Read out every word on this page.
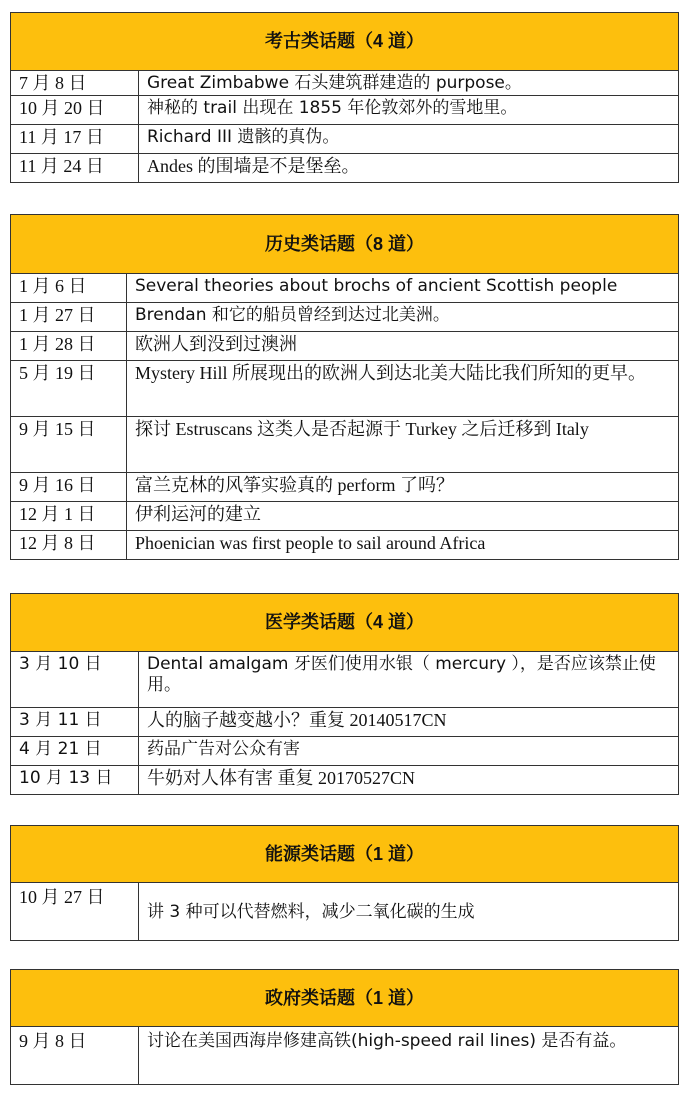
考古类话题（4 道）	
7 月 8 日	Great Zimbabwe 石头建筑群建造的 purpose。
10 月 20 日	神秘的 trail 出现在 1855 年伦敦郊外的雪地里。
11 月 17 日	Richard III 遗骸的真伪。
11 月 24 日	Andes 的围墙是不是堡垒。
历史类话题（8 道）	
1 月 6 日	Several theories about brochs of ancient Scottish people
1 月 27 日	Brendan 和它的船员曾经到达过北美洲。
1 月 28 日	欧洲人到没到过澳洲
5 月 19 日	Mystery Hill 所展现出的欧洲人到达北美大陆比我们所知的更早。
9 月 15 日	探讨 Estruscans 这类人是否起源于 Turkey 之后迁移到 Italy
9 月 16 日	富兰克林的风筝实验真的 perform 了吗？
12 月 1 日	伊利运河的建立
12 月 8 日	Phoenician was first people to sail around Africa
医学类话题（4 道）	
3 月 10 日	Dental amalgam 牙医们使用水银（ mercury ），是否应该禁止使用。
3 月 11 日	人的脑子越变越小？重复 20140517CN
4 月 21 日	药品广告对公众有害
10 月 13 日	牛奶对人体有害 重复 20170527CN
能源类话题（1 道）
10 月 27 日	讲 3 种可以代替燃料，减少二氧化碳的生成
政府类话题（1 道）
9 月 8 日	讨论在美国西海岸修建高铁(high-speed rail lines) 是否有益。
